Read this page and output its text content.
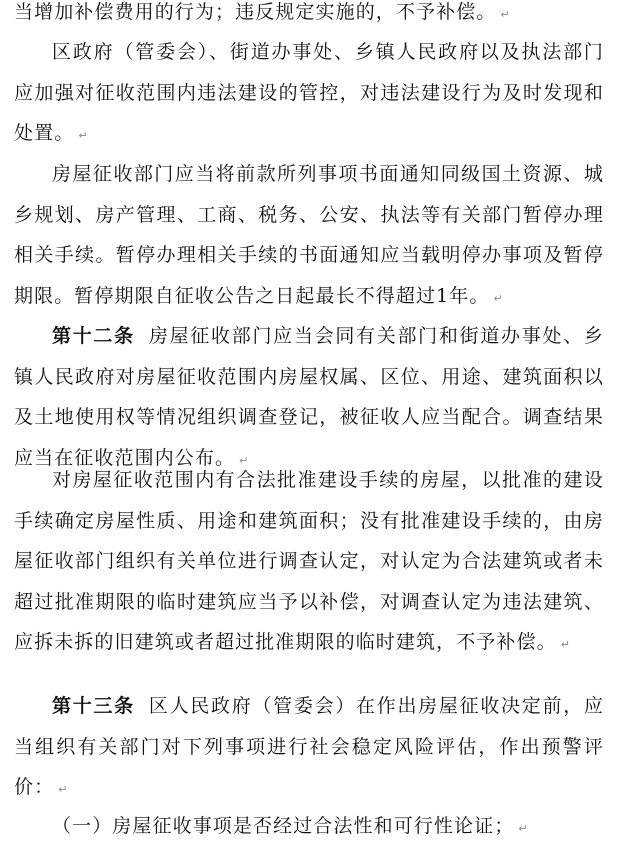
当增加补偿费用的行为；违反规定实施的，不予补偿。 ↵

区政府（管委会）、街道办事处、乡镇人民政府以及执法部门应加强对征收范围内违法建设的管控，对违法建设行为及时发现和处置。 ↵

房屋征收部门应当将前款所列事项书面通知同级国土资源、城乡规划、房产管理、工商、税务、公安、执法等有关部门暂停办理相关手续。暂停办理相关手续的书面通知应当载明停办事项及暂停期限。暂停期限自征收公告之日起最长不得超过1年。 ↵

第十二条 房屋征收部门应当会同有关部门和街道办事处、乡镇人民政府对房屋征收范围内房屋权属、区位、用途、建筑面积以及土地使用权等情况组织调查登记，被征收人应当配合。调查结果应当在征收范围内公布。 ↵

对房屋征收范围内有合法批准建设手续的房屋，以批准的建设手续确定房屋性质、用途和建筑面积；没有批准建设手续的，由房屋征收部门组织有关单位进行调查认定，对认定为合法建筑或者未超过批准期限的临时建筑应当予以补偿，对调查认定为违法建筑、应拆未拆的旧建筑或者超过批准期限的临时建筑，不予补偿。 ↵

第十三条 区人民政府（管委会）在作出房屋征收决定前，应当组织有关部门对下列事项进行社会稳定风险评估，作出预警评价： ↵

（一）房屋征收事项是否经过合法性和可行性论证； ↵
